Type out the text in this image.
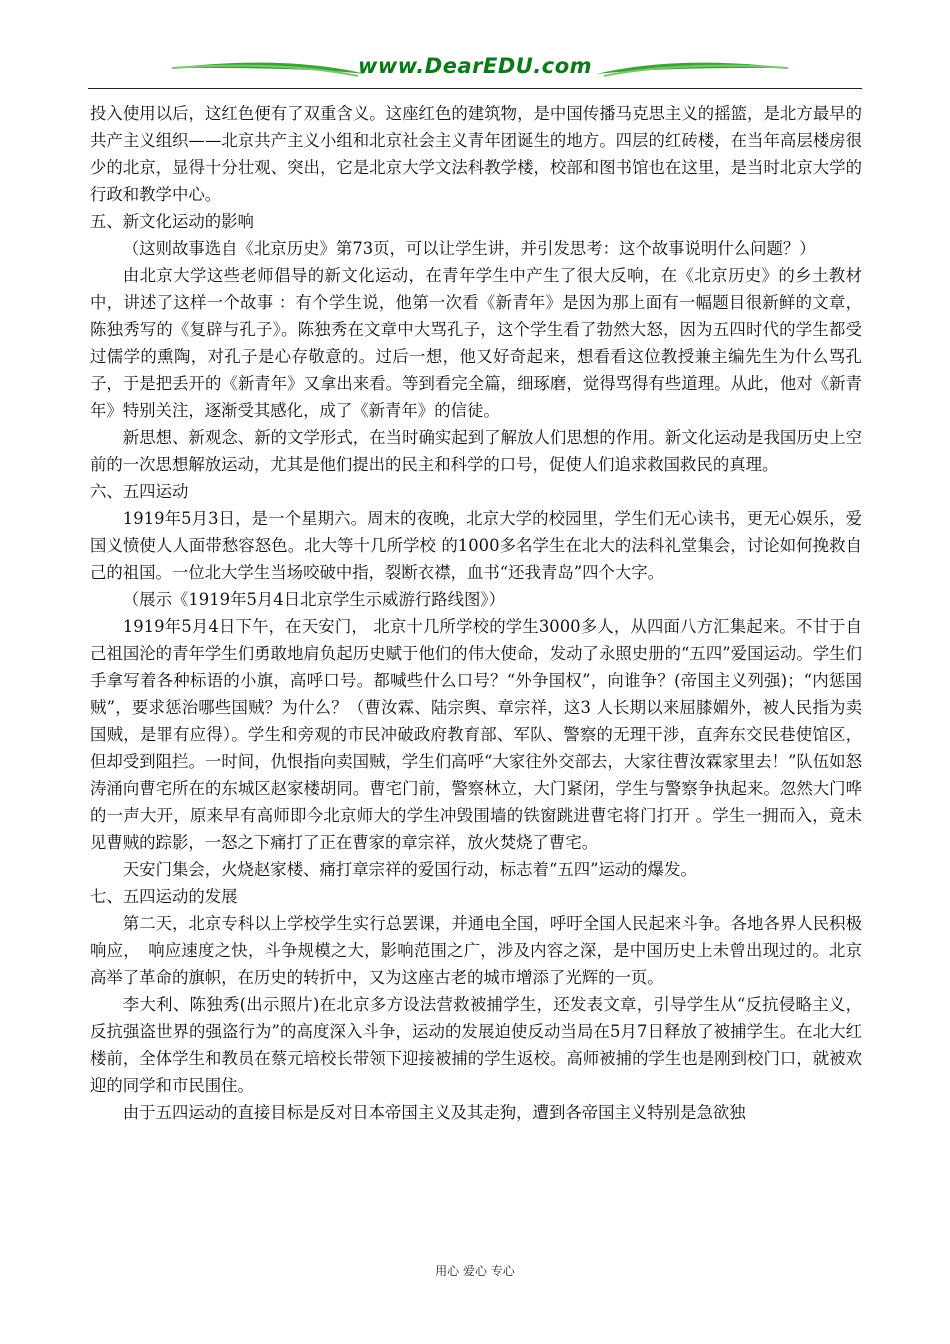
www.DearEDU.com

投入使用以后，这红色便有了双重含义。这座红色的建筑物，是中国传播马克思主义的摇篮，是北方最早的共产主义组织——北京共产主义小组和北京社会主义青年团诞生的地方。四层的红砖楼，在当年高层楼房很少的北京，显得十分壮观、突出，它是北京大学文法科教学楼，校部和图书馆也在这里，是当时北京大学的行政和教学中心。

五、新文化运动的影响

（这则故事选自《北京历史》第73页，可以让学生讲，并引发思考：这个故事说明什么问题？）

由北京大学这些老师倡导的新文化运动，在青年学生中产生了很大反响，在《北京历史》的乡土教材中，讲述了这样一个故事 ：有个学生说，他第一次看《新青年》是因为那上面有一幅题目很新鲜的文章，陈独秀写的《复辟与孔子》。陈独秀在文章中大骂孔子，这个学生看了勃然大怒，因为五四时代的学生都受过儒学的熏陶，对孔子是心存敬意的。过后一想，他又好奇起来，想看看这位教授兼主编先生为什么骂孔子，于是把丢开的《新青年》又拿出来看。等到看完全篇，细琢磨，觉得骂得有些道理。从此，他对《新青年》特别关注，逐渐受其感化，成了《新青年》的信徒。

新思想、新观念、新的文学形式，在当时确实起到了解放人们思想的作用。新文化运动是我国历史上空前的一次思想解放运动，尤其是他们提出的民主和科学的口号，促使人们追求救国救民的真理。

六、五四运动

1919年5月3日，是一个星期六。周末的夜晚，北京大学的校园里，学生们无心读书，更无心娱乐，爱国义愤使人人面带愁容怒色。北大等十几所学校 的1000多名学生在北大的法科礼堂集会，讨论如何挽救自己的祖国。一位北大学生当场咬破中指，裂断衣襟，血书“还我青岛”四个大字。

（展示《1919年5月4日北京学生示威游行路线图》）

1919年5月4日下午，在天安门， 北京十几所学校的学生3000多人，从四面八方汇集起来。不甘于自己祖国沦的青年学生们勇敢地肩负起历史赋于他们的伟大使命，发动了永照史册的“五四”爱国运动。学生们手拿写着各种标语的小旗，高呼口号。都喊些什么口号？“外争国权”，向谁争？(帝国主义列强)；“内惩国贼”，要求惩治哪些国贼？为什么？（曹汝霖、陆宗舆、章宗祥，这3 人长期以来屈膝媚外，被人民指为卖国贼，是罪有应得）。学生和旁观的市民冲破政府教育部、军队、警察的无理干涉，直奔东交民巷使馆区，但却受到阻拦。一时间，仇恨指向卖国贼，学生们高呼“大家往外交部去，大家往曹汝霖家里去！”队伍如怒涛涌向曹宅所在的东城区赵家楼胡同。曹宅门前，警察林立，大门紧闭，学生与警察争执起来。忽然大门哗的一声大开，原来早有高师即今北京师大的学生冲毁围墙的铁窗跳进曹宅将门打开 。学生一拥而入，竟未见曹贼的踪影，一怒之下痛打了正在曹家的章宗祥，放火焚烧了曹宅。

天安门集会，火烧赵家楼、痛打章宗祥的爱国行动，标志着“五四”运动的爆发。

七、五四运动的发展

第二天，北京专科以上学校学生实行总罢课，并通电全国，呼吁全国人民起来斗争。各地各界人民积极响应，　响应速度之快，斗争规模之大，影响范围之广，涉及内容之深，是中国历史上未曾出现过的。北京高举了革命的旗帜，在历史的转折中，又为这座古老的城市增添了光辉的一页。

李大利、陈独秀(出示照片)在北京多方设法营救被捕学生，还发表文章，引导学生从“反抗侵略主义，反抗强盗世界的强盗行为”的高度深入斗争，运动的发展迫使反动当局在5月7日释放了被捕学生。在北大红楼前，全体学生和教员在蔡元培校长带领下迎接被捕的学生返校。高师被捕的学生也是刚到校门口，就被欢迎的同学和市民围住。

由于五四运动的直接目标是反对日本帝国主义及其走狗，遭到各帝国主义特别是急欲独

用心 爱心 专心
